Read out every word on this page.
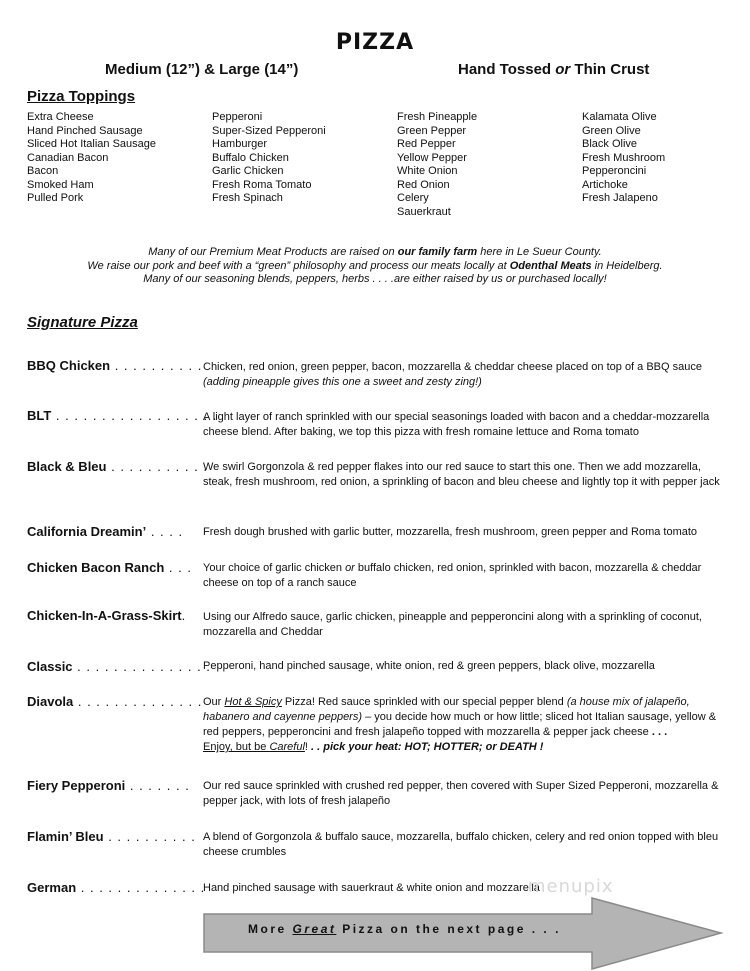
PIZZA
Medium (12”) & Large (14”)	Hand Tossed or Thin Crust
Pizza Toppings
Extra Cheese
Hand Pinched Sausage
Sliced Hot Italian Sausage
Canadian Bacon
Bacon
Smoked Ham
Pulled Pork
Pepperoni
Super-Sized Pepperoni
Hamburger
Buffalo Chicken
Garlic Chicken
Fresh Roma Tomato
Fresh Spinach
Fresh Pineapple
Green Pepper
Red Pepper
Yellow Pepper
White Onion
Red Onion
Celery
Sauerkraut
Kalamata Olive
Green Olive
Black Olive
Fresh Mushroom
Pepperoncini
Artichoke
Fresh Jalapeno
Many of our Premium Meat Products are raised on our family farm here in Le Sueur County.
We raise our pork and beef with a “green” philosophy and process our meats locally at Odenthal Meats in Heidelberg.
Many of our seasoning blends, peppers, herbs . . . .are either raised by us or purchased locally!
Signature Pizza
BBQ Chicken . . . . . . . . . . Chicken, red onion, green pepper, bacon, mozzarella & cheddar cheese placed on top of a BBQ sauce
(adding pineapple gives this one a sweet and zesty zing!)
BLT . . . . . . . . . . . . . . . . . .
A light layer of ranch sprinkled with our special seasonings loaded with bacon and a cheddar-mozzarella cheese blend. After baking, we top this pizza with fresh romaine lettuce and Roma tomato
Black & Bleu . . . . . . . . . . .
We swirl Gorgonzola & red pepper flakes into our red sauce to start this one. Then we add mozzarella, steak, fresh mushroom, red onion, a sprinkling of bacon and bleu cheese and lightly top it with pepper jack
California Dreamin’ . . . . Fresh dough brushed with garlic butter, mozzarella, fresh mushroom, green pepper and Roma tomato
Chicken Bacon Ranch . . . Your choice of garlic chicken or buffalo chicken, red onion, sprinkled with bacon, mozzarella & cheddar cheese on top of a ranch sauce
Chicken-In-A-Grass-Skirt. Using our Alfredo sauce, garlic chicken, pineapple and pepperoncini along with a sprinkling of coconut, mozzarella and Cheddar
Classic . . . . . . . . . . . . . . .
Pepperoni, hand pinched sausage, white onion, red & green peppers, black olive, mozzarella
Diavola . . . . . . . . . . . . . . Our Hot & Spicy Pizza! Red sauce sprinkled with our special pepper blend (a house mix of jalapeño, habanero and cayenne peppers) – you decide how much or how little; sliced hot Italian sausage, yellow & red peppers, pepperoncini and fresh jalapeño topped with mozzarella & pepper jack cheese . . .
Enjoy, but be Careful! . . pick your heat: HOT; HOTTER; or DEATH !
Fiery Pepperoni . . . . . . . Our red sauce sprinkled with crushed red pepper, then covered with Super Sized Pepperoni, mozzarella & pepper jack, with lots of fresh jalapeño
Flamin’ Bleu . . . . . . . . . . A blend of Gorgonzola & buffalo sauce, mozzarella, buffalo chicken, celery and red onion topped with bleu cheese crumbles
German . . . . . . . . . . . . . .
Hand pinched sausage with sauerkraut & white onion and mozzarella
menupix
More Great Pizza on the next page . . .
